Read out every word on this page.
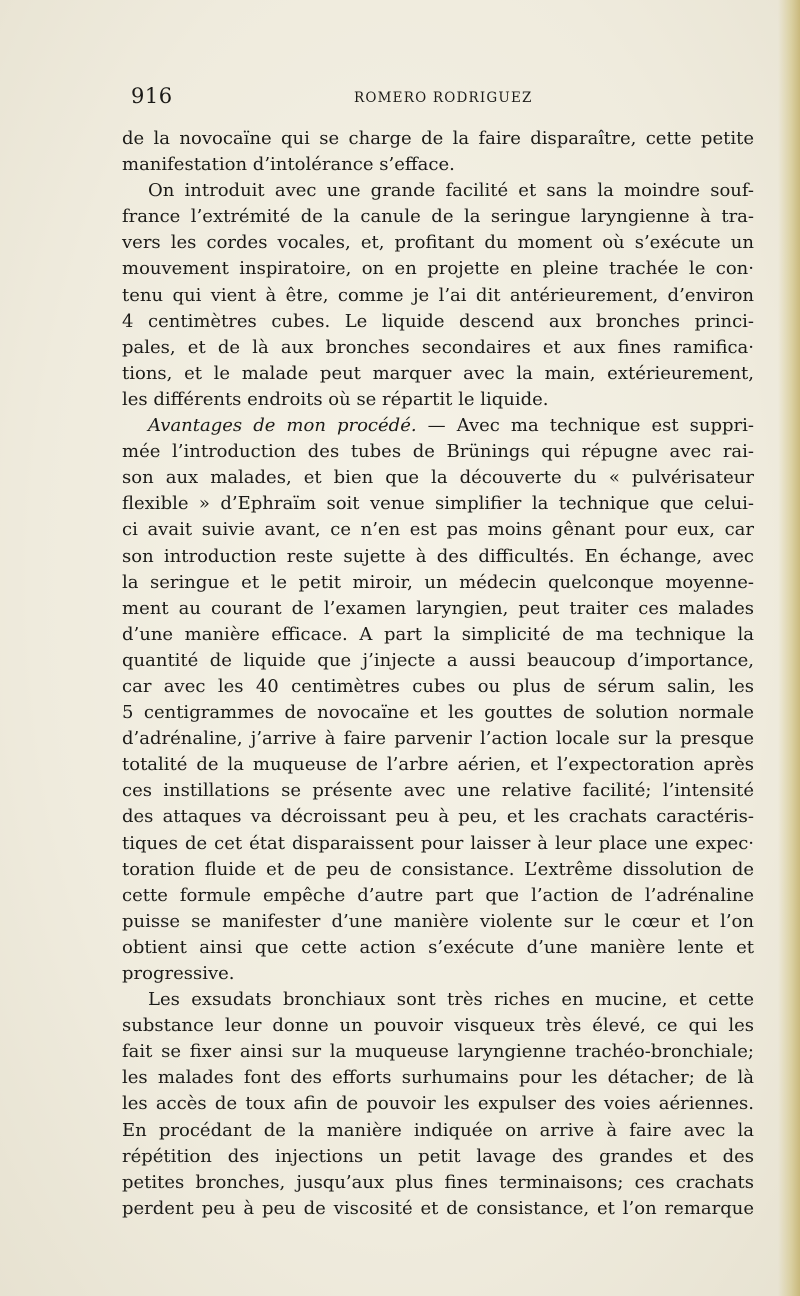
916	ROMERO RODRIGUEZ
de la novocaïne qui se charge de la faire disparaître, cette petite
manifestation d’intolérance s’efface.
On introduit avec une grande facilité et sans la moindre souf-
france l’extrémité de la canule de la seringue laryngienne à tra-
vers les cordes vocales, et, profitant du moment où s’exécute un
mouvement inspiratoire, on en projette en pleine trachée le con·
tenu qui vient à être, comme je l’ai dit antérieurement, d’environ
4 centimètres cubes. Le liquide descend aux bronches princi-
pales, et de là aux bronches secondaires et aux fines ramifica·
tions, et le malade peut marquer avec la main, extérieurement,
les différents endroits où se répartit le liquide.
Avantages de mon procédé. — Avec ma technique est suppri-
mée l’introduction des tubes de Brünings qui répugne avec rai-
son aux malades, et bien que la découverte du « pulvérisateur
flexible » d’Ephraïm soit venue simplifier la technique que celui-
ci avait suivie avant, ce n’en est pas moins gênant pour eux, car
son introduction reste sujette à des difficultés. En échange, avec
la seringue et le petit miroir, un médecin quelconque moyenne-
ment au courant de l’examen laryngien, peut traiter ces malades
d’une manière efficace. A part la simplicité de ma technique la
quantité de liquide que j’injecte a aussi beaucoup d’importance,
car avec les 40 centimètres cubes ou plus de sérum salin, les
5 centigrammes de novocaïne et les gouttes de solution normale
d’adrénaline, j’arrive à faire parvenir l’action locale sur la presque
totalité de la muqueuse de l’arbre aérien, et l’expectoration après
ces instillations se présente avec une relative facilité; l’intensité
des attaques va décroissant peu à peu, et les crachats caractéris-
tiques de cet état disparaissent pour laisser à leur place une expec·
toration fluide et de peu de consistance. L’extrême dissolution de
cette formule empêche d’autre part que l’action de l’adrénaline
puisse se manifester d’une manière violente sur le cœur et l’on
obtient ainsi que cette action s’exécute d’une manière lente et
progressive.
Les exsudats bronchiaux sont très riches en mucine, et cette
substance leur donne un pouvoir visqueux très élevé, ce qui les
fait se fixer ainsi sur la muqueuse laryngienne trachéo-bronchiale;
les malades font des efforts surhumains pour les détacher; de là
les accès de toux afin de pouvoir les expulser des voies aériennes.
En procédant de la manière indiquée on arrive à faire avec la
répétition des injections un petit lavage des grandes et des
petites bronches, jusqu’aux plus fines terminaisons; ces crachats
perdent peu à peu de viscosité et de consistance, et l’on remarque
